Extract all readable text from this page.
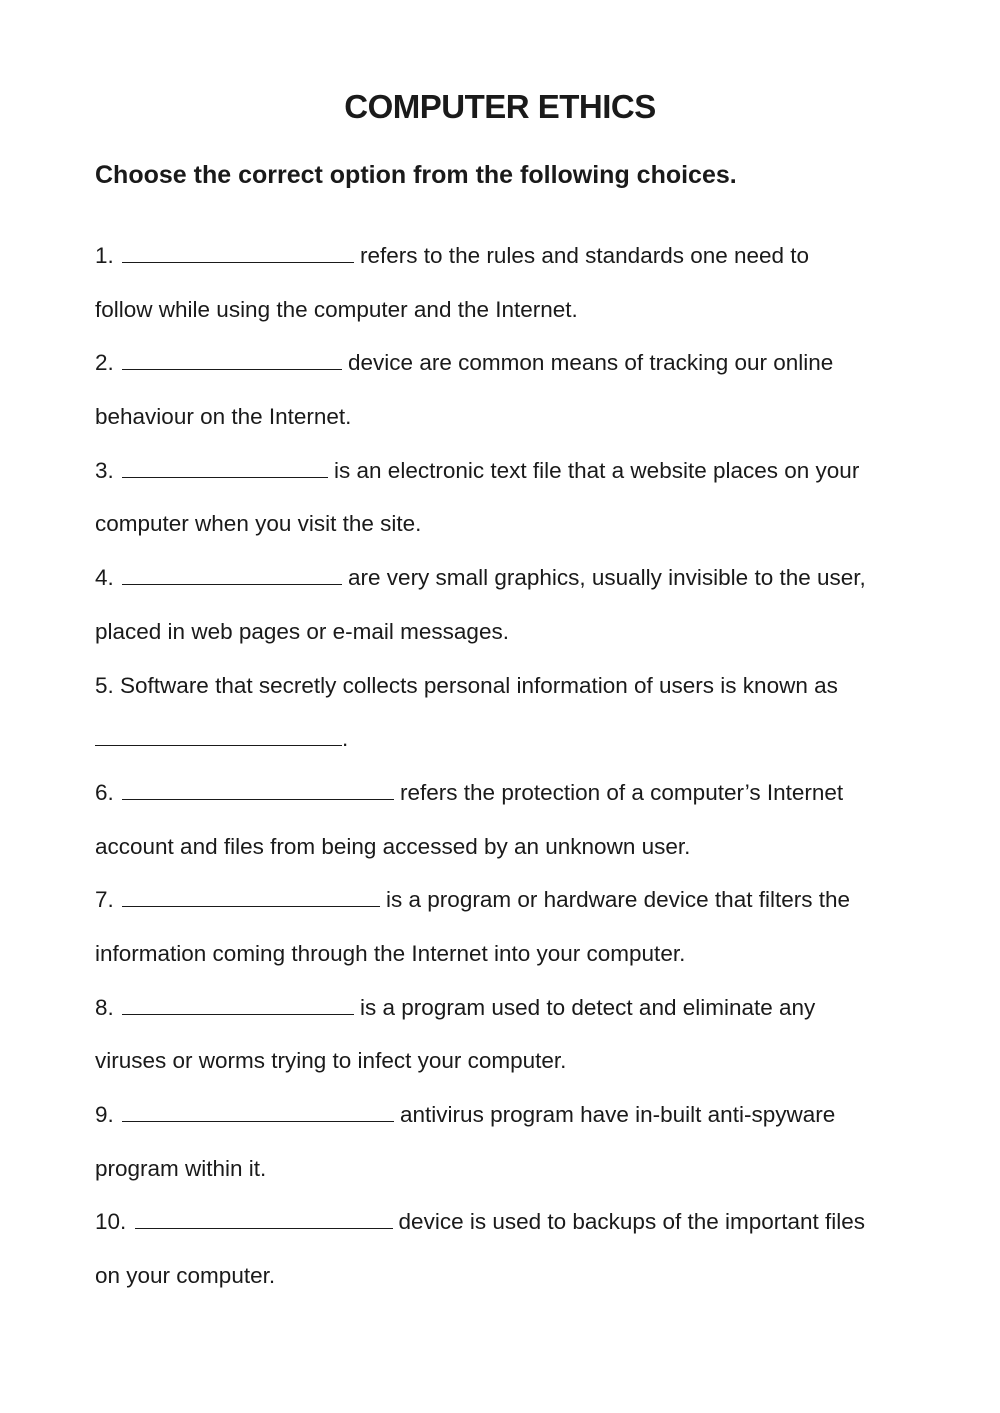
COMPUTER ETHICS

Choose the correct option from the following choices.

1.	refers to the rules and standards one need to
follow while using the computer and the Internet.
2.	device are common means of tracking our online
behaviour on the Internet.
3.	is an electronic text file that a website places on your
computer when you visit the site.
4.	are very small graphics, usually invisible to the user,
placed in web pages or e-mail messages.
5. Software that secretly collects personal information of users is known as
.
6.	refers the protection of a computer’s Internet
account and files from being accessed by an unknown user.
7.	is a program or hardware device that filters the
information coming through the Internet into your computer.
8.	is a program used to detect and eliminate any
viruses or worms trying to infect your computer.
9.	antivirus program have in-built anti-spyware
program within it.
10.	device is used to backups of the important files
on your computer.
